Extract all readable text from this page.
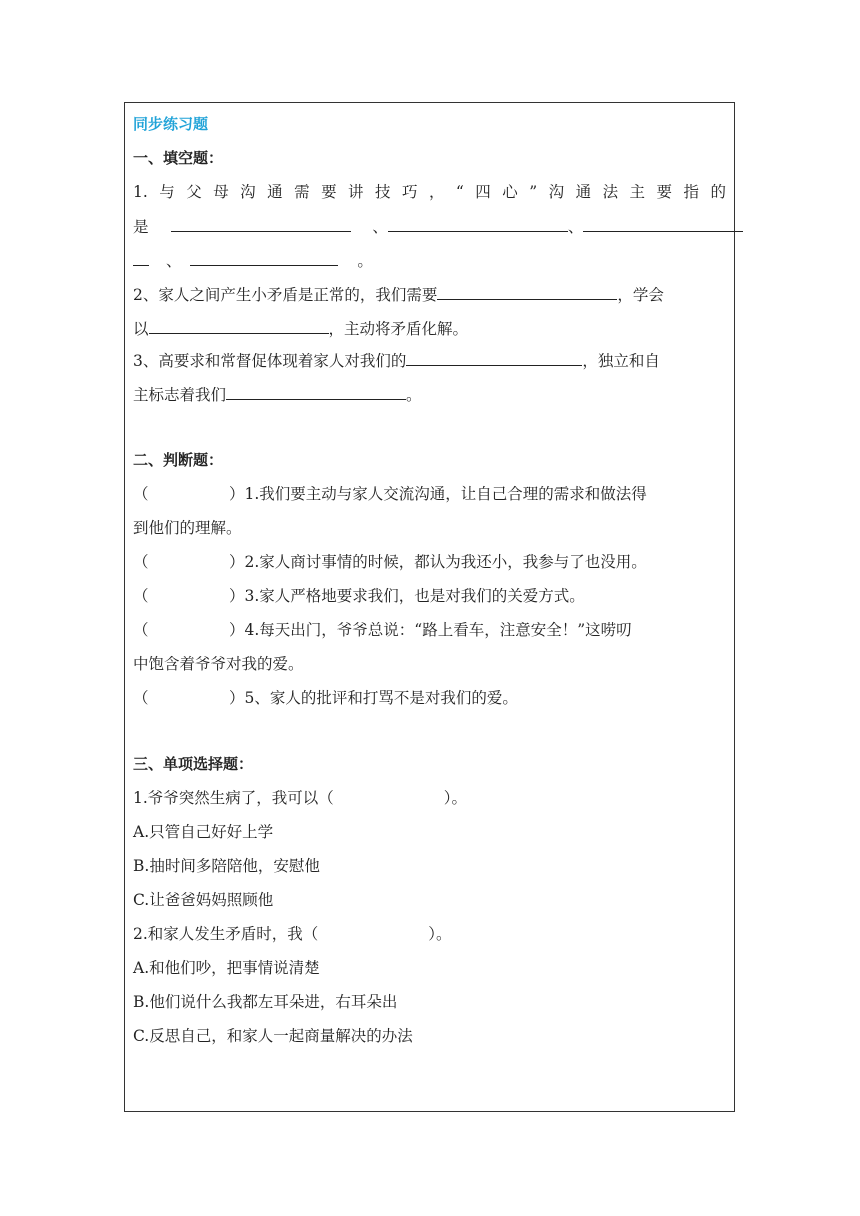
同步练习题
一、填空题：
1. 与 父 母 沟 通 需 要 讲 技 巧 ， “ 四 心 ” 沟 通 法 主 要 指 的
是	、	、
、	。
2、家人之间产生小矛盾是正常的，我们需要	，学会
以	，主动将矛盾化解。
3、高要求和常督促体现着家人对我们的	，独立和自
主标志着我们	。
二、判断题：
（	）1.我们要主动与家人交流沟通，让自己合理的需求和做法得
到他们的理解。
（	）2.家人商讨事情的时候，都认为我还小，我参与了也没用。
（	）3.家人严格地要求我们，也是对我们的关爱方式。
（	）4.每天出门，爷爷总说：“路上看车，注意安全！”这唠叨
中饱含着爷爷对我的爱。
（	）5、家人的批评和打骂不是对我们的爱。
三、单项选择题：
1.爷爷突然生病了，我可以（	）。
A.只管自己好好上学
B.抽时间多陪陪他，安慰他
C.让爸爸妈妈照顾他
2.和家人发生矛盾时，我（	）。
A.和他们吵，把事情说清楚
B.他们说什么我都左耳朵进，右耳朵出
C.反思自己，和家人一起商量解决的办法
